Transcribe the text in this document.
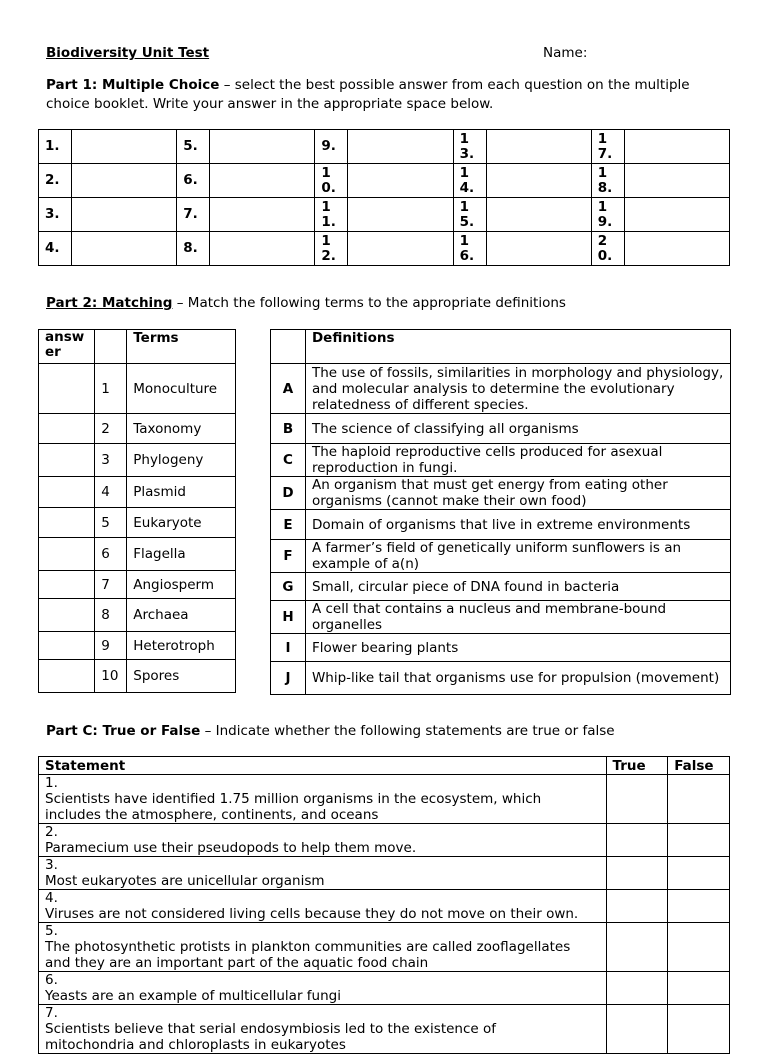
Biodiversity Unit Test	Name:
Part 1: Multiple Choice – select the best possible answer from each question on the multiple choice booklet. Write your answer in the appropriate space below.
1.		5.		9.		13.		17.	
2.		6.		10.		14.		18.	
3.		7.		11.		15.		19.	
4.		8.		12.		16.		20.	
Part 2: Matching – Match the following terms to the appropriate definitions
answer		Terms
	1	Monoculture
	2	Taxonomy
	3	Phylogeny
	4	Plasmid
	5	Eukaryote
	6	Flagella
	7	Angiosperm
	8	Archaea
	9	Heterotroph
	10	Spores
	Definitions
A	The use of fossils, similarities in morphology and physiology, and molecular analysis to determine the evolutionary relatedness of different species.
B	The science of classifying all organisms
C	The haploid reproductive cells produced for asexual reproduction in fungi.
D	An organism that must get energy from eating other organisms (cannot make their own food)
E	Domain of organisms that live in extreme environments
F	A farmer’s field of genetically uniform sunflowers is an example of a(n)
G	Small, circular piece of DNA found in bacteria
H	A cell that contains a nucleus and membrane-bound organelles
I	Flower bearing plants
J	Whip-like tail that organisms use for propulsion (movement)
Part C: True or False – Indicate whether the following statements are true or false
Statement	True	False
1.Scientists have identified 1.75 million organisms in the ecosystem, which includes the atmosphere, continents, and oceans		
2.Paramecium use their pseudopods to help them move.		
3.Most eukaryotes are unicellular organism		
4.Viruses are not considered living cells because they do not move on their own.		
5.The photosynthetic protists in plankton communities are called zooflagellates and they are an important part of the aquatic food chain		
6.Yeasts are an example of multicellular fungi		
7.Scientists believe that serial endosymbiosis led to the existence of mitochondria and chloroplasts in eukaryotes		
